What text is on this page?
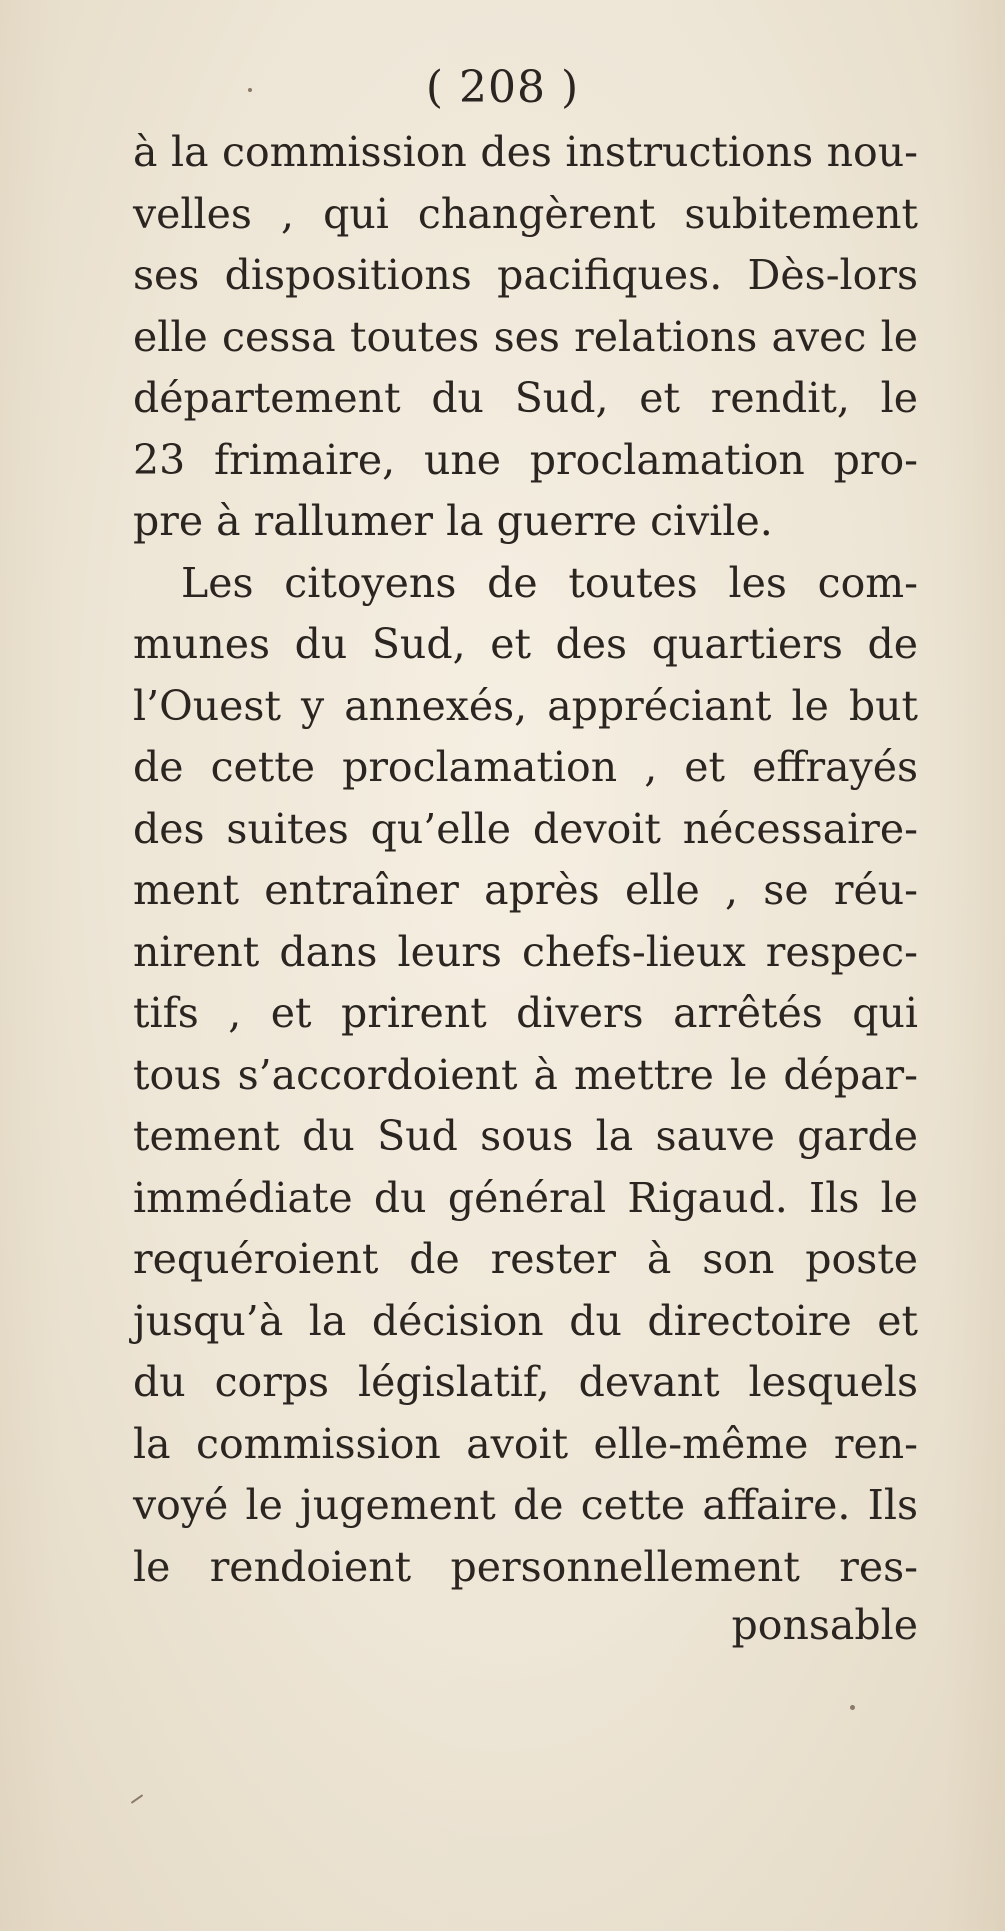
( 208 )
à la commission des instructions nou-
velles , qui changèrent subitement
ses dispositions pacifiques. Dès-lors
elle cessa toutes ses relations avec le
département du Sud, et rendit, le
23 frimaire, une proclamation pro-
pre à rallumer la guerre civile.
Les citoyens de toutes les com-
munes du Sud, et des quartiers de
l’Ouest y annexés, appréciant le but
de cette proclamation , et effrayés
des suites qu’elle devoit nécessaire-
ment entraîner après elle , se réu-
nirent dans leurs chefs-lieux respec-
tifs , et prirent divers arrêtés qui
tous s’accordoient à mettre le dépar-
tement du Sud sous la sauve garde
immédiate du général Rigaud. Ils le
requéroient de rester à son poste
jusqu’à la décision du directoire et
du corps législatif, devant lesquels
la commission avoit elle-même ren-
voyé le jugement de cette affaire. Ils
le rendoient personnellement res-
ponsable
